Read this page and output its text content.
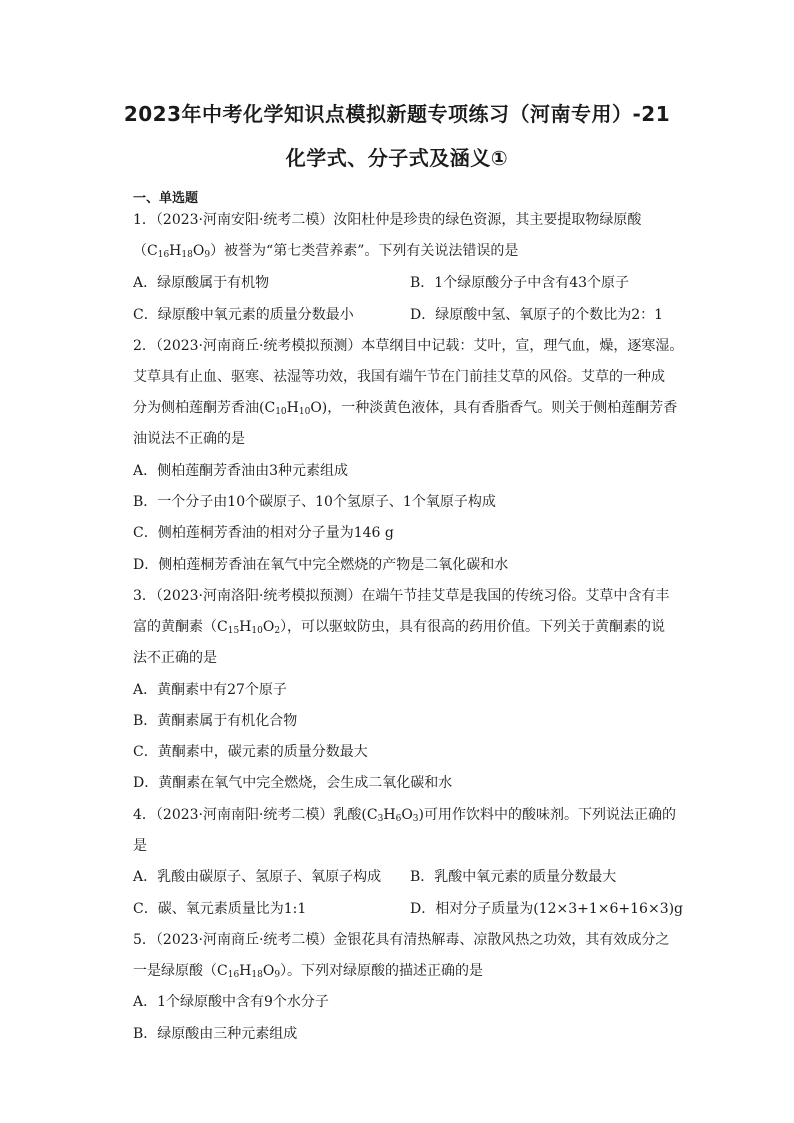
2023年中考化学知识点模拟新题专项练习（河南专用）-21
化学式、分子式及涵义①
一、单选题
1．（2023·河南安阳·统考二模）汝阳杜仲是珍贵的绿色资源，其主要提取物绿原酸
$(C_{16}H_{18}O_9)$被誉为“第七类营养素”。下列有关说法错误的是
A．绿原酸属于有机物	B．1个绿原酸分子中含有43个原子
C．绿原酸中氧元素的质量分数最小	D．绿原酸中氢、氧原子的个数比为2：1
2．（2023·河南商丘·统考模拟预测）本草纲目中记载：艾叶，宣，理气血，燥，逐寒湿。
艾草具有止血、驱寒、祛湿等功效，我国有端午节在门前挂艾草的风俗。艾草的一种成
分为侧柏莲酮芳香油$(C_{10}H_{10}O)$，一种淡黄色液体，具有香脂香气。则关于侧柏莲酮芳香
油说法不正确的是
A．侧柏莲酮芳香油由3种元素组成
B．一个分子由10个碳原子、10个氢原子、1个氧原子构成
C．侧柏莲桐芳香油的相对分子量为146 g
D．侧柏莲桐芳香油在氧气中完全燃烧的产物是二氧化碳和水
3．（2023·河南洛阳·统考模拟预测）在端午节挂艾草是我国的传统习俗。艾草中含有丰
富的黄酮素$(C_{15}H_{10}O_2)$，可以驱蚊防虫，具有很高的药用价值。下列关于黄酮素的说
法不正确的是
A．黄酮素中有27个原子
B．黄酮素属于有机化合物
C．黄酮素中，碳元素的质量分数最大
D．黄酮素在氧气中完全燃烧，会生成二氧化碳和水
4．（2023·河南南阳·统考二模）乳酸$(C_3H_6O_3)$可用作饮料中的酸味剂。下列说法正确的
是
A．乳酸由碳原子、氢原子、氧原子构成	B．乳酸中氧元素的质量分数最大
C．碳、氧元素质量比为1:1	D．相对分子质量为(12×3+1×6+16×3)g
5．（2023·河南商丘·统考二模）金银花具有清热解毒、凉散风热之功效，其有效成分之
一是绿原酸$(C_{16}H_{18}O_9)$。下列对绿原酸的描述正确的是
A．1个绿原酸中含有9个水分子
B．绿原酸由三种元素组成
